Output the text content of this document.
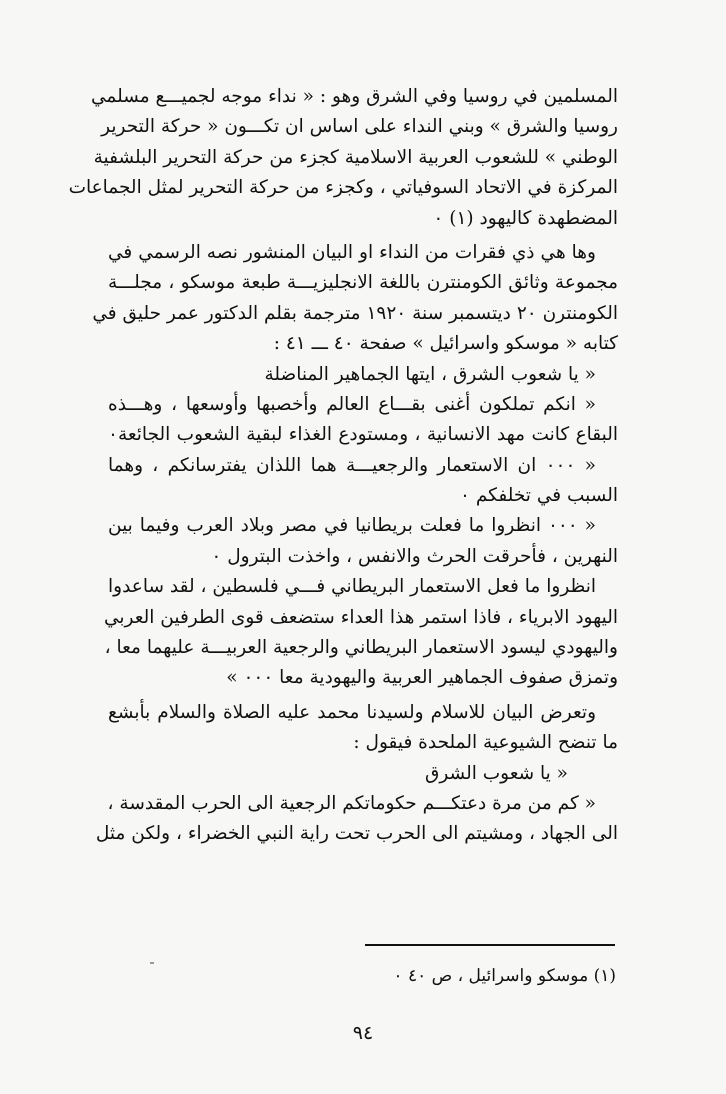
المسلمين في روسيا وفي الشرق وهو : « نداء موجه لجميـــع مسلمي
روسيا والشرق » وبني النداء على اساس ان تكـــون « حركة التحرير
الوطني » للشعوب العربية الاسلامية كجزء من حركة التحرير البلشفية
المركزة في الاتحاد السوفياتي ، وكجزء من حركة التحرير لمثل الجماعات
المضطهدة كاليهود (١) ٠
وها هي ذي فقرات من النداء او البيان المنشور نصه الرسمي في
مجموعة وثائق الكومنترن باللغة الانجليزيـــة طبعة موسكو ، مجلـــة
الكومنترن ٢٠ ديتسمبر سنة ١٩٢٠ مترجمة بقلم الدكتور عمر حليق في
كتابه « موسكو واسرائيل » صفحة ٤٠ ـــ ٤١ :
« يا شعوب الشرق ، ايتها الجماهير المناضلة
« انكم تملكون أغنى بقـــاع العالم وأخصبها وأوسعها ، وهـــذه
البقاع كانت مهد الانسانية ، ومستودع الغذاء لبقية الشعوب الجائعة٠
« ٠٠٠ ان الاستعمار والرجعيـــة هما اللذان يفترسانكم ، وهما
السبب في تخلفكم ٠
« ٠٠٠ انظروا ما فعلت بريطانيا في مصر وبلاد العرب وفيما بين
النهرين ، فأحرقت الحرث والانفس ، واخذت البترول ٠
انظروا ما فعل الاستعمار البريطاني فـــي فلسطين ، لقد ساعدوا
اليهود الابرياء ، فاذا استمر هذا العداء ستضعف قوى الطرفين العربي
واليهودي ليسود الاستعمار البريطاني والرجعية العربيـــة عليهما معا ،
وتمزق صفوف الجماهير العربية واليهودية معا ٠٠٠ »
وتعرض البيان للاسلام ولسيدنا محمد عليه الصلاة والسلام بأبشع
ما تنضح الشيوعية الملحدة فيقول :
« يا شعوب الشرق
« كم من مرة دعتكـــم حكوماتكم الرجعية الى الحرب المقدسة ،
الى الجهاد ، ومشيتم الى الحرب تحت راية النبي الخضراء ، ولكن مثل
(١) موسكو واسرائيل ، ص ٤٠ ٠
٩٤
